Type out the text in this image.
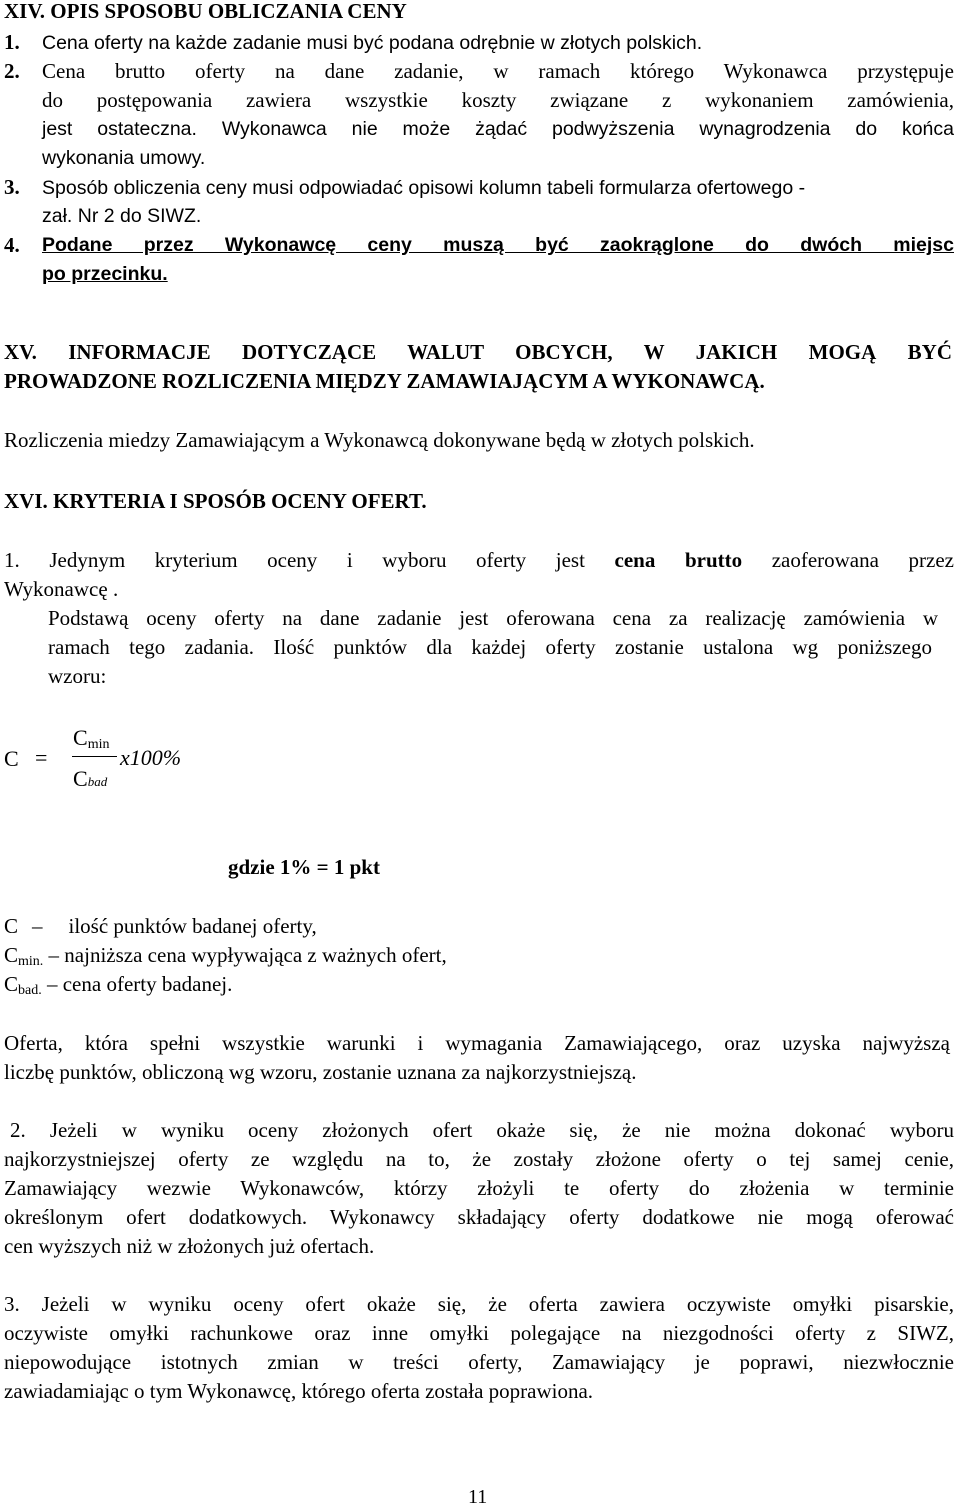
XIV. OPIS SPOSOBU OBLICZANIA CENY
1. Cena oferty na każde zadanie musi być podana odrębnie w złotych polskich.
2. Cena brutto oferty na dane zadanie, w ramach którego Wykonawca przystępuje
do postępowania zawiera wszystkie koszty związane z wykonaniem zamówienia,
jest ostateczna. Wykonawca nie może żądać podwyższenia wynagrodzenia do końca
wykonania umowy.
3. Sposób obliczenia ceny musi odpowiadać opisowi kolumn tabeli formularza ofertowego -
zał. Nr 2 do SIWZ.
4. Podane przez Wykonawcę ceny muszą być zaokrąglone do dwóch miejsc
po przecinku.
XV. INFORMACJE DOTYCZĄCE WALUT OBCYCH, W JAKICH MOGĄ BYĆ
PROWADZONE ROZLICZENIA MIĘDZY ZAMAWIAJĄCYM A WYKONAWCĄ.
Rozliczenia miedzy Zamawiającym a Wykonawcą dokonywane będą w złotych polskich.
XVI. KRYTERIA I SPOSÓB OCENY OFERT.
1. Jedynym kryterium oceny i wyboru oferty jest cena brutto zaoferowana przez
Wykonawcę .
Podstawą oceny oferty na dane zadanie jest oferowana cena za realizację zamówienia w
ramach tego zadania. Ilość punktów dla każdej oferty zostanie ustalona wg poniższego
wzoru:
C =
Cmin
Cbad
x100%
gdzie 1% = 1 pkt
C – ilość punktów badanej oferty,
Cmin. – najniższa cena wypływająca z ważnych ofert,
Cbad. – cena oferty badanej.
Oferta, która spełni wszystkie warunki i wymagania Zamawiającego, oraz uzyska najwyższą
liczbę punktów, obliczoną wg wzoru, zostanie uznana za najkorzystniejszą.
2. Jeżeli w wyniku oceny złożonych ofert okaże się, że nie można dokonać wyboru
najkorzystniejszej oferty ze względu na to, że zostały złożone oferty o tej samej cenie,
Zamawiający wezwie Wykonawców, którzy złożyli te oferty do złożenia w terminie
określonym ofert dodatkowych. Wykonawcy składający oferty dodatkowe nie mogą oferować
cen wyższych niż w złożonych już ofertach.
3. Jeżeli w wyniku oceny ofert okaże się, że oferta zawiera oczywiste omyłki pisarskie,
oczywiste omyłki rachunkowe oraz inne omyłki polegające na niezgodności oferty z SIWZ,
niepowodujące istotnych zmian w treści oferty, Zamawiający je poprawi, niezwłocznie
zawiadamiając o tym Wykonawcę, którego oferta została poprawiona.
11
